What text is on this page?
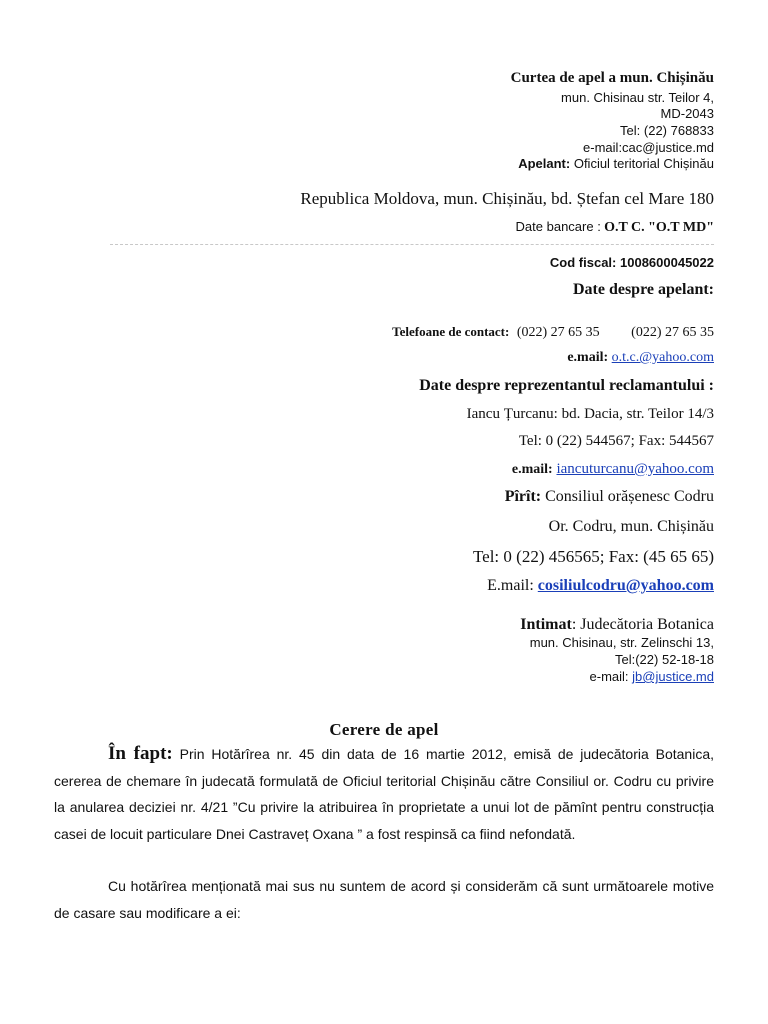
Curtea de apel a mun. Chișinău
mun. Chisinau str. Teilor 4,
MD-2043
Tel: (22) 768833
e-mail:cac@justice.md
Apelant: Oficiul teritorial Chișinău
Republica Moldova, mun. Chișinău, bd. Ștefan cel Mare 180
Date bancare : O.T C. "O.T MD"
Cod fiscal: 1008600045022
Date despre apelant:
Telefoane de contact: (022) 27 65 35 (022) 27 65 35
e.mail: o.t.c.@yahoo.com
Date despre reprezentantul reclamantului :
Iancu Țurcanu: bd. Dacia, str. Teilor 14/3
Tel: 0 (22) 544567; Fax: 544567
e.mail: iancuturcanu@yahoo.com
Pîrît: Consiliul orășenesc Codru
Or. Codru, mun. Chișinău
Tel: 0 (22) 456565; Fax: (45 65 65)
E.mail: cosiliulcodru@yahoo.com
Intimat: Judecătoria Botanica
mun. Chisinau, str. Zelinschi 13,
Tel:(22) 52-18-18
e-mail: jb@justice.md
Cerere de apel
În fapt: Prin Hotărîrea nr. 45 din data de 16 martie 2012, emisă de judecătoria Botanica, cererea de chemare în judecată formulată de Oficiul teritorial Chișinău către Consiliul or. Codru cu privire la anularea deciziei nr. 4/21 ”Cu privire la atribuirea în proprietate a unui lot de pămînt pentru construcția casei de locuit particulare Dnei Castraveț Oxana ” a fost respinsă ca fiind nefondată.
Cu hotărîrea menționată mai sus nu suntem de acord și considerăm că sunt următoarele motive de casare sau modificare a ei:
